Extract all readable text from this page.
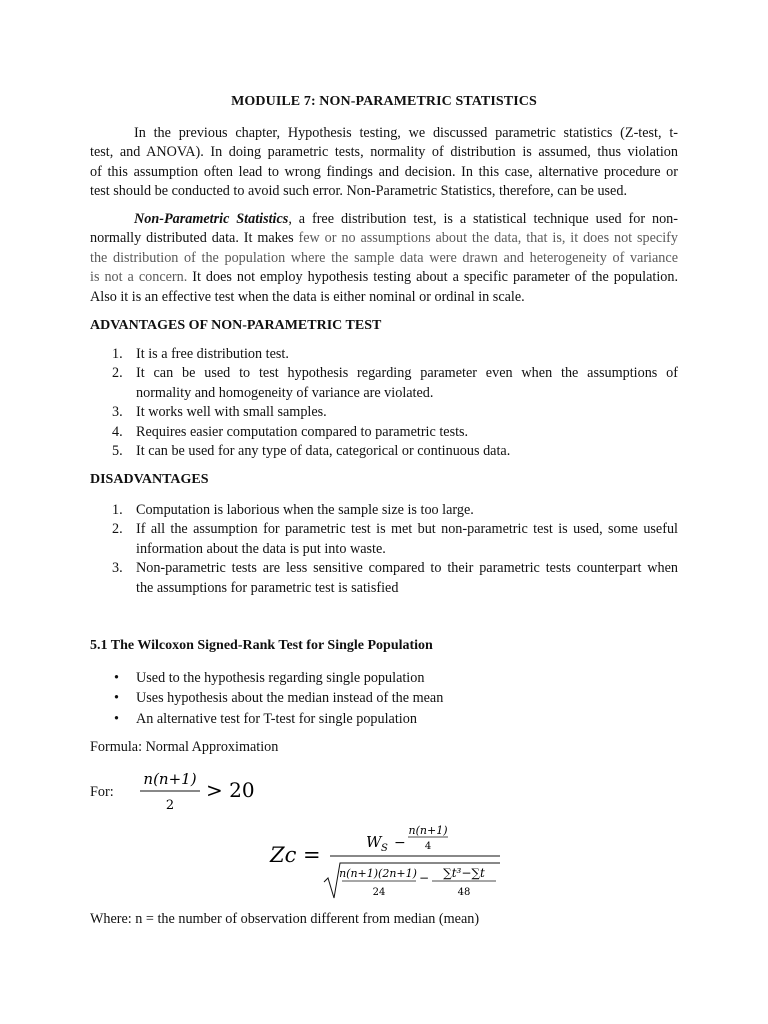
MODUILE 7: NON-PARAMETRIC STATISTICS
In the previous chapter, Hypothesis testing, we discussed parametric statistics (Z-test, t-
test, and ANOVA). In doing parametric tests, normality of distribution is assumed, thus violation
of this assumption often lead to wrong findings and decision. In this case, alternative procedure or
test should be conducted to avoid such error. Non-Parametric Statistics, therefore, can be used.
Non-Parametric Statistics, a free distribution test, is a statistical technique used for non-
normally distributed data. It makes few or no assumptions about the data, that is, it does not specify
the distribution of the population where the sample data were drawn and heterogeneity of variance
is not a concern. It does not employ hypothesis testing about a specific parameter of the population.
Also it is an effective test when the data is either nominal or ordinal in scale.
ADVANTAGES OF NON-PARAMETRIC TEST
1. It is a free distribution test.
2. It can be used to test hypothesis regarding parameter even when the assumptions of
normality and homogeneity of variance are violated.
3. It works well with small samples.
4. Requires easier computation compared to parametric tests.
5. It can be used for any type of data, categorical or continuous data.
DISADVANTAGES
1. Computation is laborious when the sample size is too large.
2. If all the assumption for parametric test is met but non-parametric test is used, some useful
information about the data is put into waste.
3. Non-parametric tests are less sensitive compared to their parametric tests counterpart when
the assumptions for parametric test is satisfied
5.1 The Wilcoxon Signed-Rank Test for Single Population
• Used to the hypothesis regarding single population
• Uses hypothesis about the median instead of the mean
• An alternative test for T-test for single population
Formula: Normal Approximation
For:
n(n+1)
2
> 20
Zc =
W S −
n(n+1)
4
n(n+1)(2n+1)
24
− ∑t³−∑t
48
Where: n = the number of observation different from median (mean)
